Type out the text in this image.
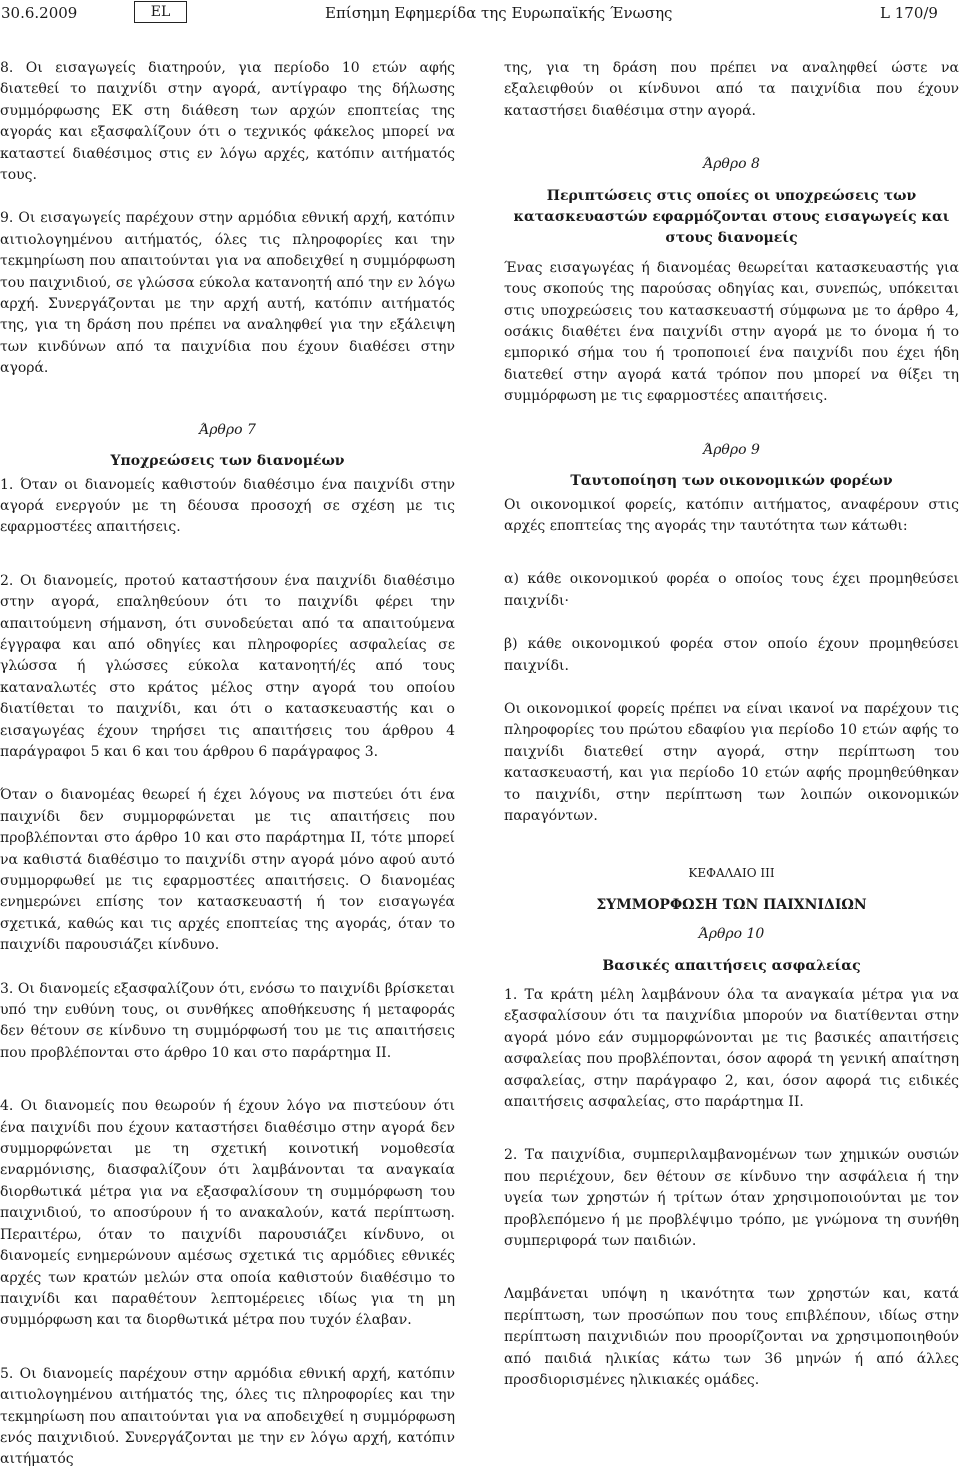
30.6.2009	EL	Επίσημη Εφημερίδα της Ευρωπαϊκής Ένωσης	L 170/9

8. Οι εισαγωγείς διατηρούν, για περίοδο 10 ετών αφής διατεθεί το παιχνίδι στην αγορά, αντίγραφο της δήλωσης συμμόρφωσης ΕΚ στη διάθεση των αρχών εποπτείας της αγοράς και εξασφαλίζουν ότι ο τεχνικός φάκελος μπορεί να καταστεί διαθέσιμος στις εν λόγω αρχές, κατόπιν αιτήματός τους.

9. Οι εισαγωγείς παρέχουν στην αρμόδια εθνική αρχή, κατόπιν αιτιολογημένου αιτήματός, όλες τις πληροφορίες και την τεκμηρίωση που απαιτούνται για να αποδειχθεί η συμμόρφωση του παιχνιδιού, σε γλώσσα εύκολα κατανοητή από την εν λόγω αρχή. Συνεργάζονται με την αρχή αυτή, κατόπιν αιτήματός της, για τη δράση που πρέπει να αναληφθεί για την εξάλειψη των κινδύνων από τα παιχνίδια που έχουν διαθέσει στην αγορά.

Άρθρο 7
Υποχρεώσεις των διανομέων

1. Όταν οι διανομείς καθιστούν διαθέσιμο ένα παιχνίδι στην αγορά ενεργούν με τη δέουσα προσοχή σε σχέση με τις εφαρμοστέες απαιτήσεις.

2. Οι διανομείς, προτού καταστήσουν ένα παιχνίδι διαθέσιμο στην αγορά, επαληθεύουν ότι το παιχνίδι φέρει την απαιτούμενη σήμανση, ότι συνοδεύεται από τα απαιτούμενα έγγραφα και από οδηγίες και πληροφορίες ασφαλείας σε γλώσσα ή γλώσσες εύκολα κατανοητή/ές από τους καταναλωτές στο κράτος μέλος στην αγορά του οποίου διατίθεται το παιχνίδι, και ότι ο κατασκευαστής και ο εισαγωγέας έχουν τηρήσει τις απαιτήσεις του άρθρου 4 παράγραφοι 5 και 6 και του άρθρου 6 παράγραφος 3.

Όταν ο διανομέας θεωρεί ή έχει λόγους να πιστεύει ότι ένα παιχνίδι δεν συμμορφώνεται με τις απαιτήσεις που προβλέπονται στο άρθρο 10 και στο παράρτημα II, τότε μπορεί να καθιστά διαθέσιμο το παιχνίδι στην αγορά μόνο αφού αυτό συμμορφωθεί με τις εφαρμοστέες απαιτήσεις. Ο διανομέας ενημερώνει επίσης τον κατασκευαστή ή τον εισαγωγέα σχετικά, καθώς και τις αρχές εποπτείας της αγοράς, όταν το παιχνίδι παρουσιάζει κίνδυνο.

3. Οι διανομείς εξασφαλίζουν ότι, ενόσω το παιχνίδι βρίσκεται υπό την ευθύνη τους, οι συνθήκες αποθήκευσης ή μεταφοράς δεν θέτουν σε κίνδυνο τη συμμόρφωσή του με τις απαιτήσεις που προβλέπονται στο άρθρο 10 και στο παράρτημα II.

4. Οι διανομείς που θεωρούν ή έχουν λόγο να πιστεύουν ότι ένα παιχνίδι που έχουν καταστήσει διαθέσιμο στην αγορά δεν συμμορφώνεται με τη σχετική κοινοτική νομοθεσία εναρμόνισης, διασφαλίζουν ότι λαμβάνονται τα αναγκαία διορθωτικά μέτρα για να εξασφαλίσουν τη συμμόρφωση του παιχνιδιού, το αποσύρουν ή το ανακαλούν, κατά περίπτωση. Περαιτέρω, όταν το παιχνίδι παρουσιάζει κίνδυνο, οι διανομείς ενημερώνουν αμέσως σχετικά τις αρμόδιες εθνικές αρχές των κρατών μελών στα οποία καθιστούν διαθέσιμο το παιχνίδι και παραθέτουν λεπτομέρειες ιδίως για τη μη συμμόρφωση και τα διορθωτικά μέτρα που τυχόν έλαβαν.

5. Οι διανομείς παρέχουν στην αρμόδια εθνική αρχή, κατόπιν αιτιολογημένου αιτήματός της, όλες τις πληροφορίες και την τεκμηρίωση που απαιτούνται για να αποδειχθεί η συμμόρφωση ενός παιχνιδιού. Συνεργάζονται με την εν λόγω αρχή, κατόπιν αιτήματός

της, για τη δράση που πρέπει να αναληφθεί ώστε να εξαλειφθούν οι κίνδυνοι από τα παιχνίδια που έχουν καταστήσει διαθέσιμα στην αγορά.

Άρθρο 8
Περιπτώσεις στις οποίες οι υποχρεώσεις των κατασκευαστών εφαρμόζονται στους εισαγωγείς και στους διανομείς

Ένας εισαγωγέας ή διανομέας θεωρείται κατασκευαστής για τους σκοπούς της παρούσας οδηγίας και, συνεπώς, υπόκειται στις υποχρεώσεις του κατασκευαστή σύμφωνα με το άρθρο 4, οσάκις διαθέτει ένα παιχνίδι στην αγορά με το όνομα ή το εμπορικό σήμα του ή τροποποιεί ένα παιχνίδι που έχει ήδη διατεθεί στην αγορά κατά τρόπον που μπορεί να θίξει τη συμμόρφωση με τις εφαρμοστέες απαιτήσεις.

Άρθρο 9
Ταυτοποίηση των οικονομικών φορέων

Οι οικονομικοί φορείς, κατόπιν αιτήματος, αναφέρουν στις αρχές εποπτείας της αγοράς την ταυτότητα των κάτωθι:

α) κάθε οικονομικού φορέα ο οποίος τους έχει προμηθεύσει παιχνίδι·

β) κάθε οικονομικού φορέα στον οποίο έχουν προμηθεύσει παιχνίδι.

Οι οικονομικοί φορείς πρέπει να είναι ικανοί να παρέχουν τις πληροφορίες του πρώτου εδαφίου για περίοδο 10 ετών αφής το παιχνίδι διατεθεί στην αγορά, στην περίπτωση του κατασκευαστή, και για περίοδο 10 ετών αφής προμηθεύθηκαν το παιχνίδι, στην περίπτωση των λοιπών οικονομικών παραγόντων.

ΚΕΦΑΛΑΙΟ III
ΣΥΜΜΟΡΦΩΣΗ ΤΩΝ ΠΑΙΧΝΙΔΙΩΝ
Άρθρο 10
Βασικές απαιτήσεις ασφαλείας

1. Τα κράτη μέλη λαμβάνουν όλα τα αναγκαία μέτρα για να εξασφαλίσουν ότι τα παιχνίδια μπορούν να διατίθενται στην αγορά μόνο εάν συμμορφώνονται με τις βασικές απαιτήσεις ασφαλείας που προβλέπονται, όσον αφορά τη γενική απαίτηση ασφαλείας, στην παράγραφο 2, και, όσον αφορά τις ειδικές απαιτήσεις ασφαλείας, στο παράρτημα II.

2. Τα παιχνίδια, συμπεριλαμβανομένων των χημικών ουσιών που περιέχουν, δεν θέτουν σε κίνδυνο την ασφάλεια ή την υγεία των χρηστών ή τρίτων όταν χρησιμοποιούνται με τον προβλεπόμενο ή με προβλέψιμο τρόπο, με γνώμονα τη συνήθη συμπεριφορά των παιδιών.

Λαμβάνεται υπόψη η ικανότητα των χρηστών και, κατά περίπτωση, των προσώπων που τους επιβλέπουν, ιδίως στην περίπτωση παιχνιδιών που προορίζονται να χρησιμοποιηθούν από παιδιά ηλικίας κάτω των 36 μηνών ή από άλλες προσδιορισμένες ηλικιακές ομάδες.
